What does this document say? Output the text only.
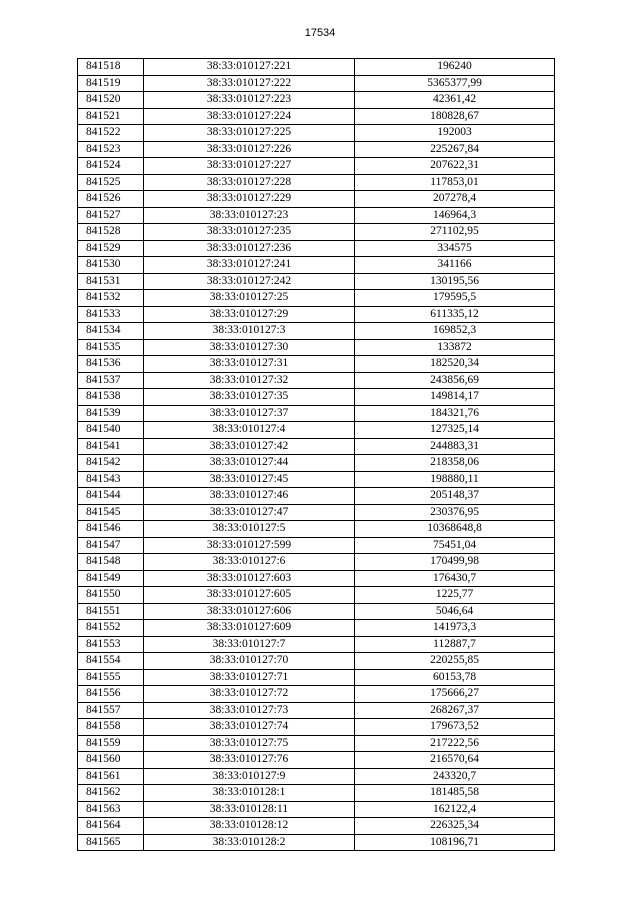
17534
841518	38:33:010127:221	196240
841519	38:33:010127:222	5365377,99
841520	38:33:010127:223	42361,42
841521	38:33:010127:224	180828,67
841522	38:33:010127:225	192003
841523	38:33:010127:226	225267,84
841524	38:33:010127:227	207622,31
841525	38:33:010127:228	117853,01
841526	38:33:010127:229	207278,4
841527	38:33:010127:23	146964,3
841528	38:33:010127:235	271102,95
841529	38:33:010127:236	334575
841530	38:33:010127:241	341166
841531	38:33:010127:242	130195,56
841532	38:33:010127:25	179595,5
841533	38:33:010127:29	611335,12
841534	38:33:010127:3	169852,3
841535	38:33:010127:30	133872
841536	38:33:010127:31	182520,34
841537	38:33:010127:32	243856,69
841538	38:33:010127:35	149814,17
841539	38:33:010127:37	184321,76
841540	38:33:010127:4	127325,14
841541	38:33:010127:42	244883,31
841542	38:33:010127:44	218358,06
841543	38:33:010127:45	198880,11
841544	38:33:010127:46	205148,37
841545	38:33:010127:47	230376,95
841546	38:33:010127:5	10368648,8
841547	38:33:010127:599	75451,04
841548	38:33:010127:6	170499,98
841549	38:33:010127:603	176430,7
841550	38:33:010127:605	1225,77
841551	38:33:010127:606	5046,64
841552	38:33:010127:609	141973,3
841553	38:33:010127:7	112887,7
841554	38:33:010127:70	220255,85
841555	38:33:010127:71	60153,78
841556	38:33:010127:72	175666,27
841557	38:33:010127:73	268267,37
841558	38:33:010127:74	179673,52
841559	38:33:010127:75	217222,56
841560	38:33:010127:76	216570,64
841561	38:33:010127:9	243320,7
841562	38:33:010128:1	181485,58
841563	38:33:010128:11	162122,4
841564	38:33:010128:12	226325,34
841565	38:33:010128:2	108196,71
